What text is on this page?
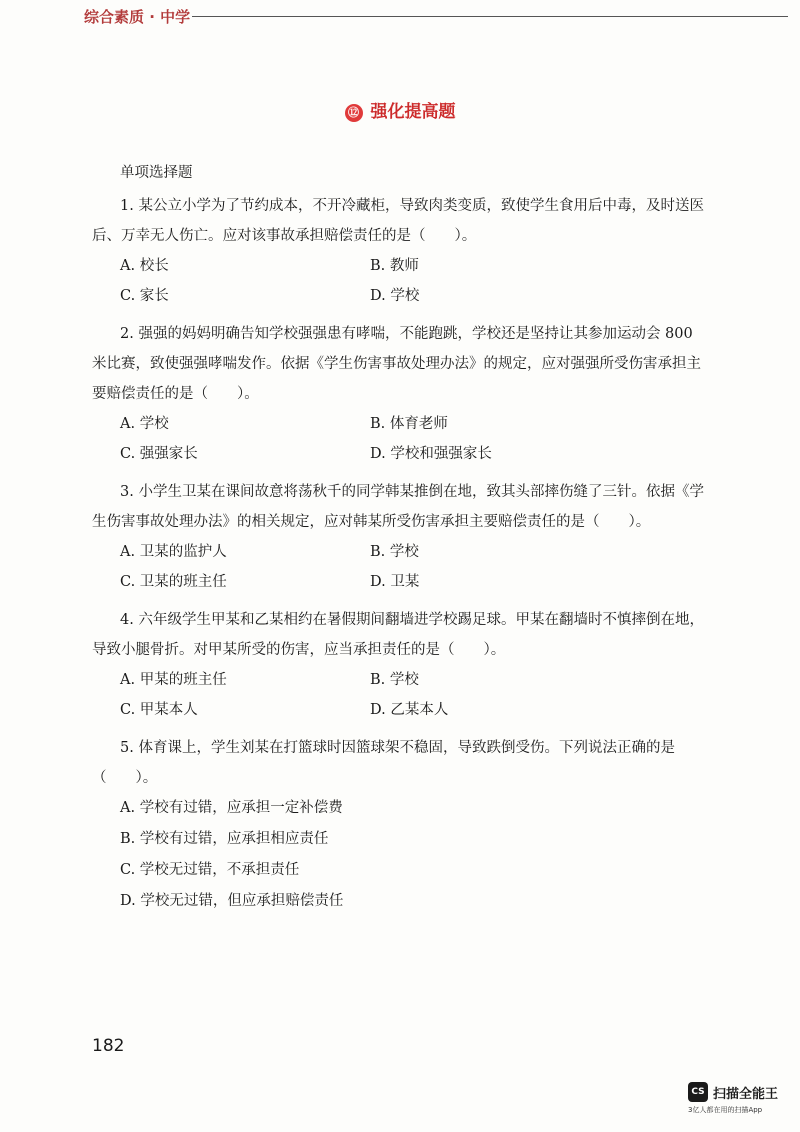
综合素质 · 中学
⑫ 强化提高题
单项选择题
1. 某公立小学为了节约成本，不开冷藏柜，导致肉类变质，致使学生食用后中毒，及时送医后、万幸无人伤亡。应对该事故承担赔偿责任的是（　　）。
A. 校长	B. 教师
C. 家长	D. 学校
2. 强强的妈妈明确告知学校强强患有哮喘，不能跑跳，学校还是坚持让其参加运动会 800 米比赛，致使强强哮喘发作。依据《学生伤害事故处理办法》的规定，应对强强所受伤害承担主要赔偿责任的是（　　）。
A. 学校	B. 体育老师
C. 强强家长	D. 学校和强强家长
3. 小学生卫某在课间故意将荡秋千的同学韩某推倒在地，致其头部摔伤缝了三针。依据《学生伤害事故处理办法》的相关规定，应对韩某所受伤害承担主要赔偿责任的是（　　）。
A. 卫某的监护人	B. 学校
C. 卫某的班主任	D. 卫某
4. 六年级学生甲某和乙某相约在暑假期间翻墙进学校踢足球。甲某在翻墙时不慎摔倒在地，导致小腿骨折。对甲某所受的伤害，应当承担责任的是（　　）。
A. 甲某的班主任	B. 学校
C. 甲某本人	D. 乙某本人
5. 体育课上，学生刘某在打篮球时因篮球架不稳固，导致跌倒受伤。下列说法正确的是（　　）。
A. 学校有过错，应承担一定补偿费
B. 学校有过错，应承担相应责任
C. 学校无过错，不承担责任
D. 学校无过错，但应承担赔偿责任
182
CS 扫描全能王
3亿人都在用的扫描App
